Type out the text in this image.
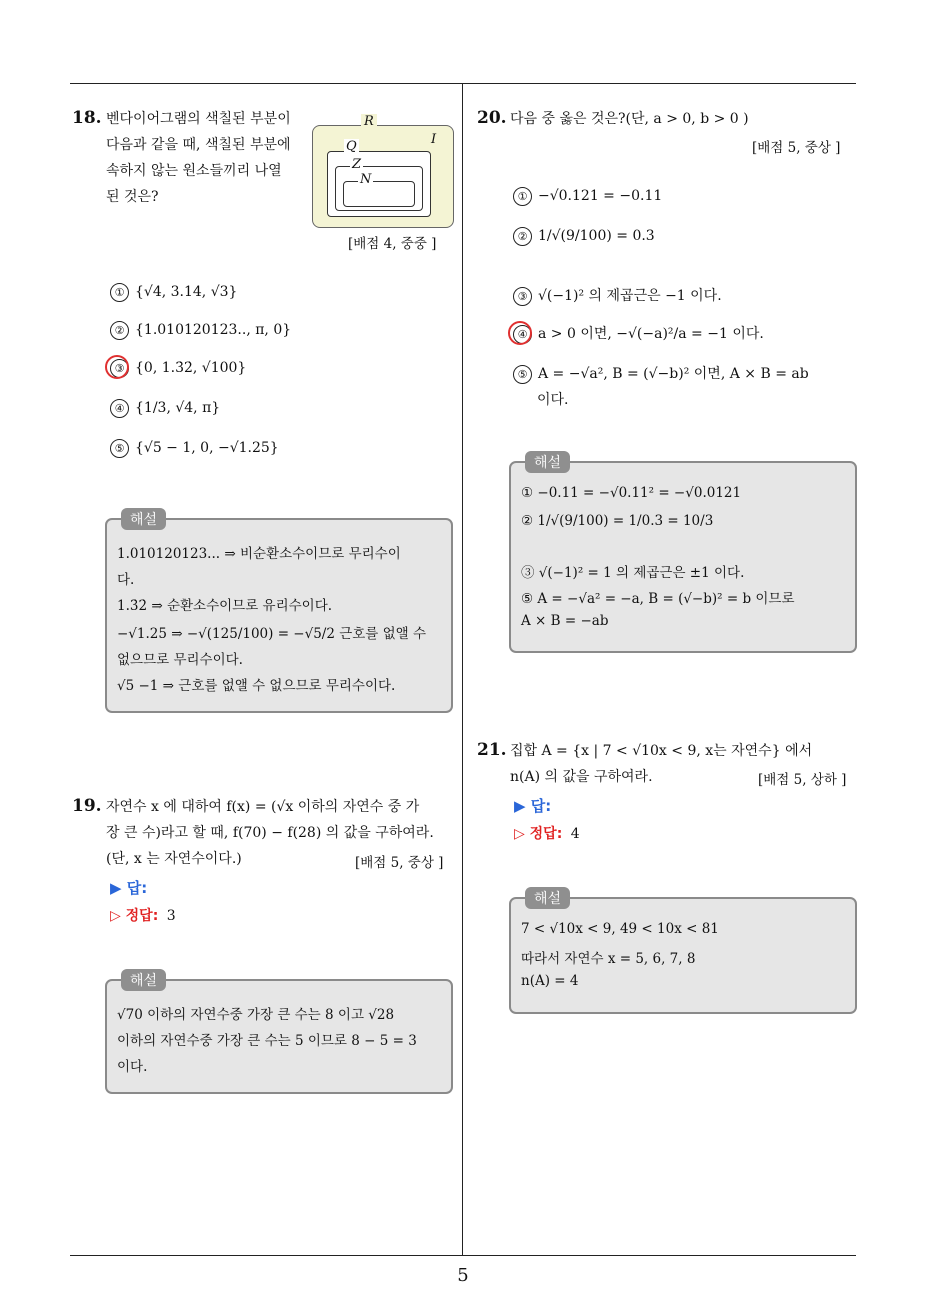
5
18. 벤다이어그램의 색칠된 부분이 다음과 같을 때, 색칠된 부분에 속하지 않는 원소들끼리 나열된 것은?
R
I
Q
Z
N
[배점 4, 중중 ]
① {√4, 3.14, √3}
② {1.010120123.., π, 0}
③ {0, 1.3̇2̇, √100}
④ {1/3, √4, π}
⑤ {√5 − 1, 0, −√1.25}
해설
1.010120123... ⇒ 비순환소수이므로 무리수이
다.
1.3̇2̇ ⇒ 순환소수이므로 유리수이다.
−√1.25 ⇒ −√(125/100) = −√5/2 근호를 없앨 수
없으므로 무리수이다.
√5 −1 ⇒ 근호를 없앨 수 없으므로 무리수이다.
19. 자연수 x 에 대하여 f(x) = (√x 이하의 자연수 중 가
장 큰 수)라고 할 때, f(70) − f(28) 의 값을 구하여라.
(단, x 는 자연수이다.)	[배점 5, 중상 ]
▶ 답:
▷ 정답: 3
해설
√70 이하의 자연수중 가장 큰 수는 8 이고 √28
이하의 자연수중 가장 큰 수는 5 이므로 8 − 5 = 3
이다.
20. 다음 중 옳은 것은?(단, a > 0, b > 0 )
[배점 5, 중상 ]
① −√0.121 = −0.11
② 1/√(9/100) = 0.3
③ √(−1)² 의 제곱근은 −1 이다.
④ a > 0 이면, −√(−a)²/a = −1 이다.
⑤ A = −√a², B = (√−b)² 이면, A × B = ab
이다.
해설
① −0.11 = −√0.11² = −√0.0121
② 1/√(9/100) = 1/0.3 = 10/3
③ √(−1)² = 1 의 제곱근은 ±1 이다.
⑤ A = −√a² = −a, B = (√−b)² = b 이므로
A × B = −ab
21. 집합 A = {x | 7 < √10x < 9, x는 자연수} 에서
n(A) 의 값을 구하여라.	[배점 5, 상하 ]
▶ 답:
▷ 정답: 4
해설
7 < √10x < 9, 49 < 10x < 81
따라서 자연수 x = 5, 6, 7, 8
n(A) = 4
